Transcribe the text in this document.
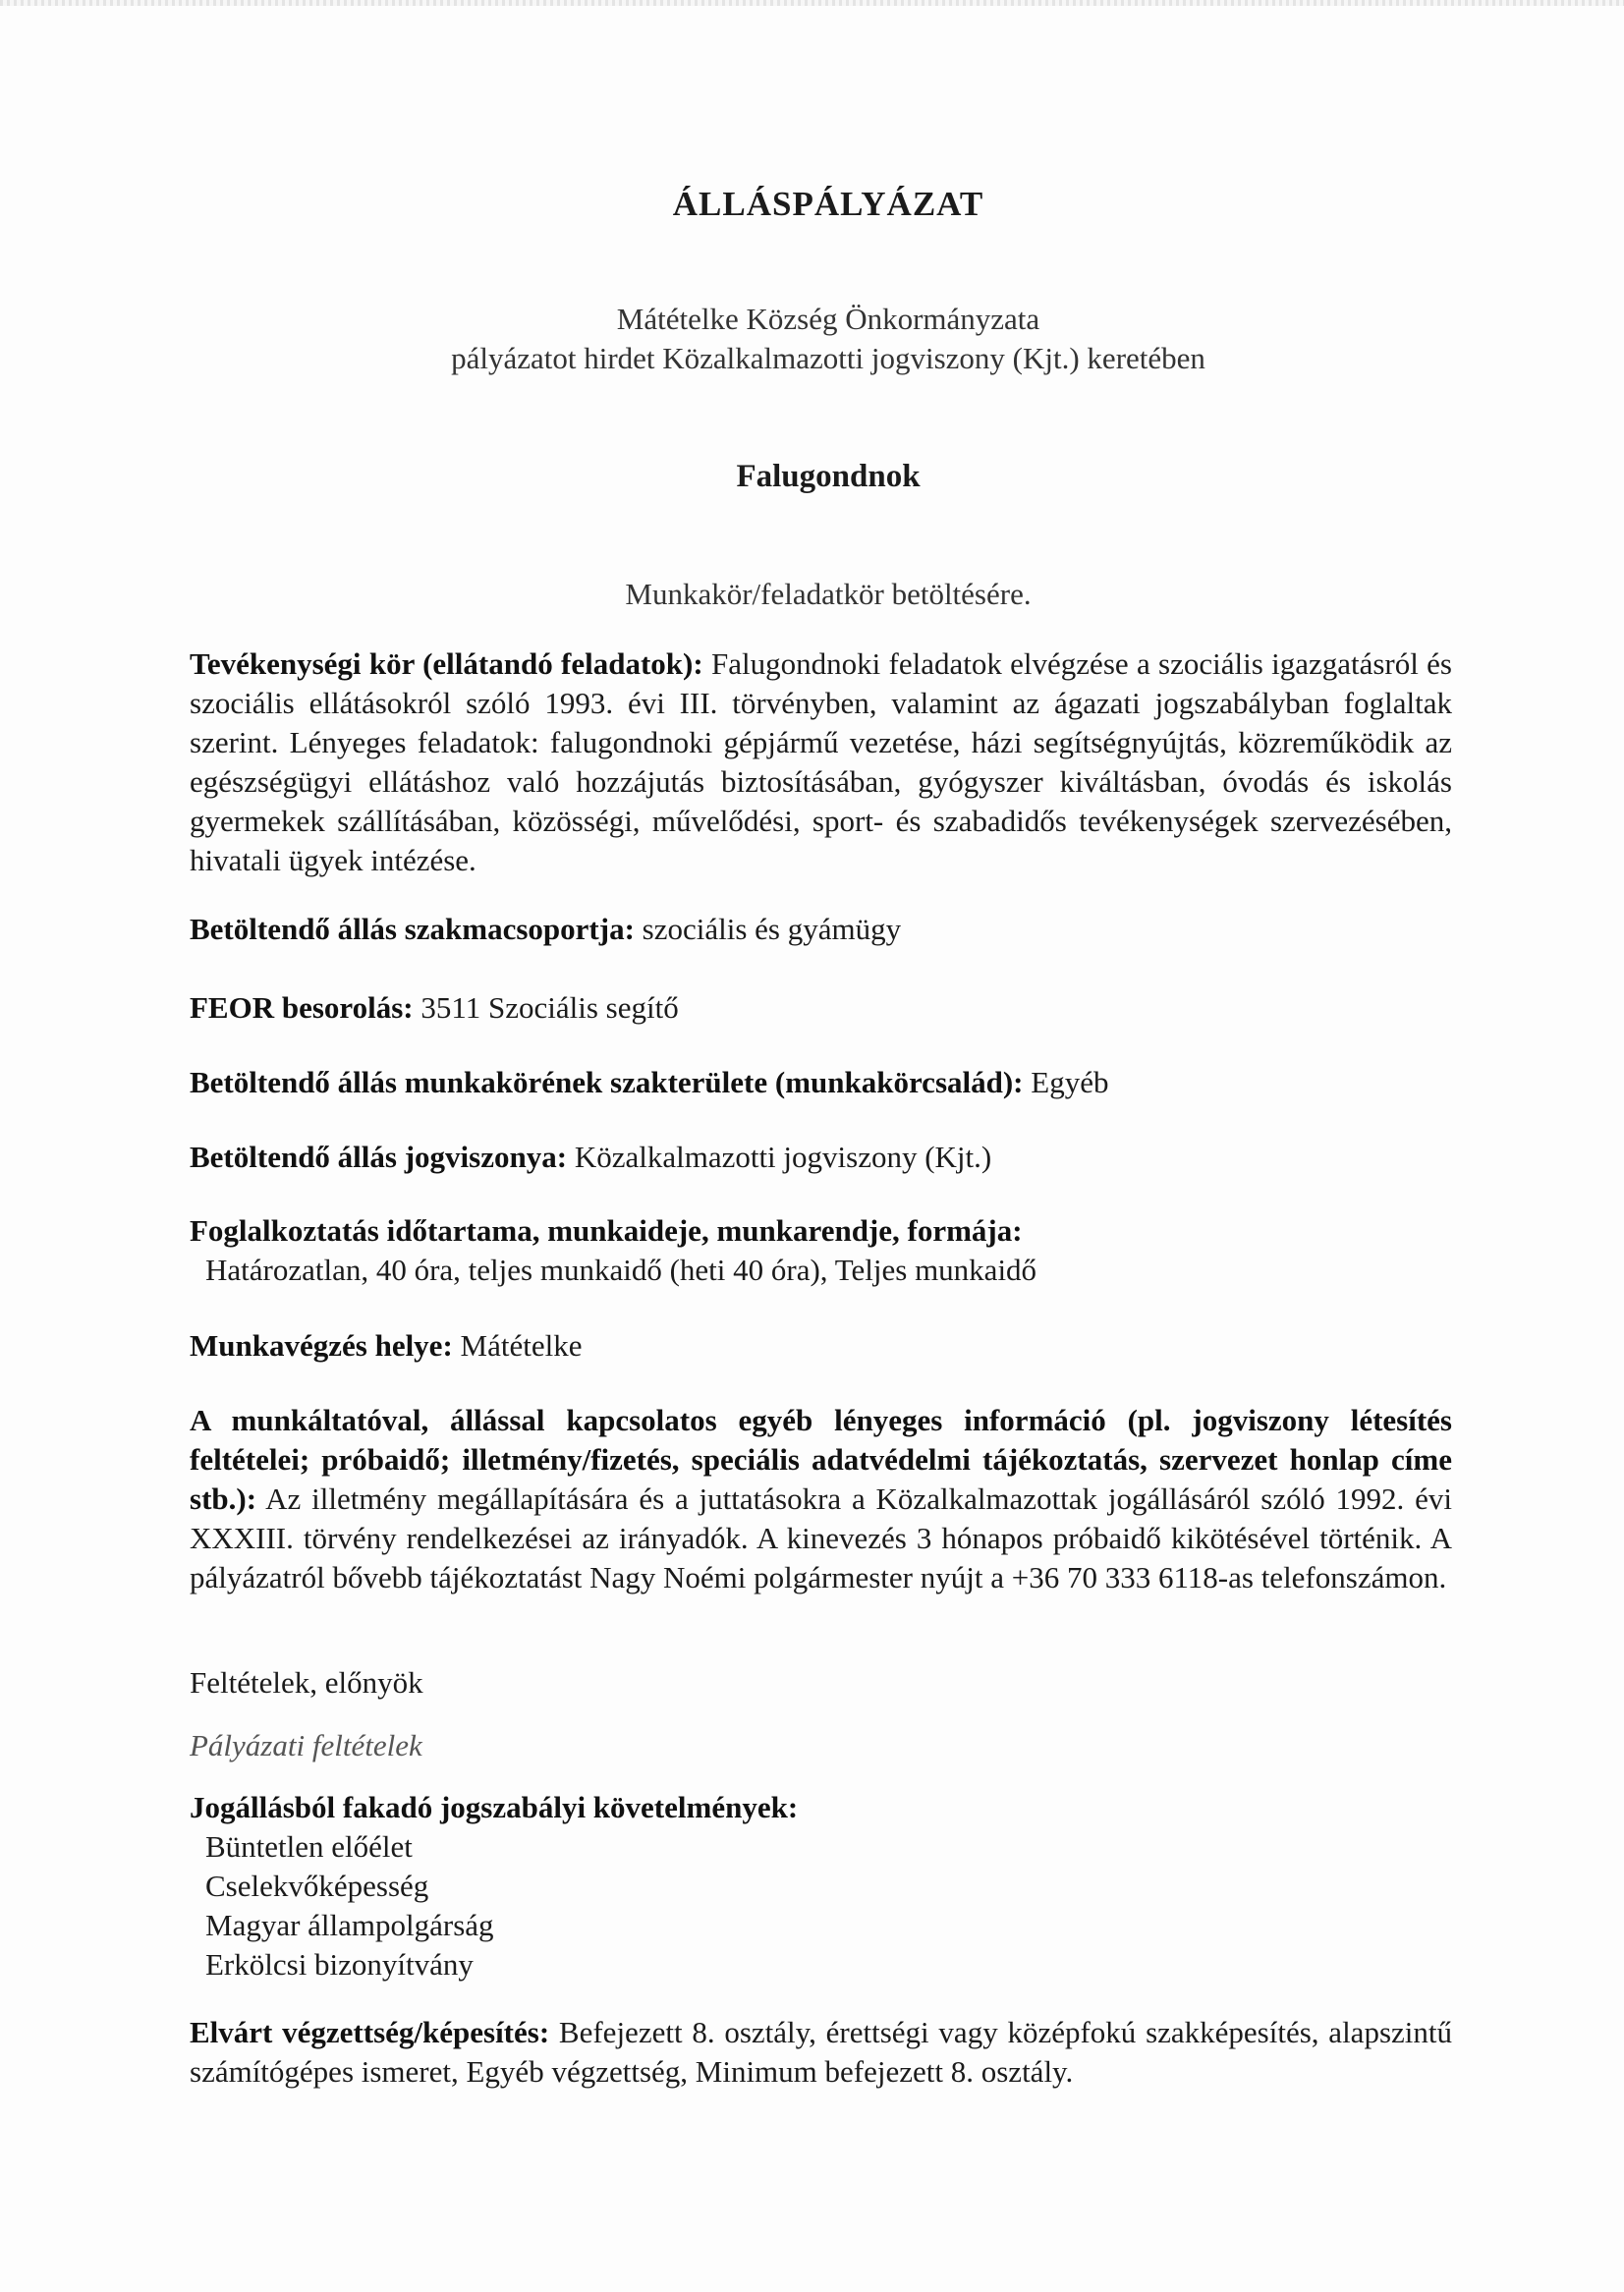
ÁLLÁSPÁLYÁZAT
Mátételke Község Önkormányzata
pályázatot hirdet Közalkalmazotti jogviszony (Kjt.) keretében
Falugondnok
Munkakör/feladatkör betöltésére.
Tevékenységi kör (ellátandó feladatok): Falugondnoki feladatok elvégzése a szociális igazgatásról és szociális ellátásokról szóló 1993. évi III. törvényben, valamint az ágazati jogszabályban foglaltak szerint. Lényeges feladatok: falugondnoki gépjármű vezetése, házi segítségnyújtás, közreműködik az egészségügyi ellátáshoz való hozzájutás biztosításában, gyógyszer kiváltásban, óvodás és iskolás gyermekek szállításában, közösségi, művelődési, sport- és szabadidős tevékenységek szervezésében, hivatali ügyek intézése.
Betöltendő állás szakmacsoportja: szociális és gyámügy
FEOR besorolás: 3511 Szociális segítő
Betöltendő állás munkakörének szakterülete (munkakörcsalád): Egyéb
Betöltendő állás jogviszonya: Közalkalmazotti jogviszony (Kjt.)
Foglalkoztatás időtartama, munkaideje, munkarendje, formája:
Határozatlan, 40 óra, teljes munkaidő (heti 40 óra), Teljes munkaidő
Munkavégzés helye: Mátételke
A munkáltatóval, állással kapcsolatos egyéb lényeges információ (pl. jogviszony létesítés feltételei; próbaidő; illetmény/fizetés, speciális adatvédelmi tájékoztatás, szervezet honlap címe stb.): Az illetmény megállapítására és a juttatásokra a Közalkalmazottak jogállásáról szóló 1992. évi XXXIII. törvény rendelkezései az irányadók. A kinevezés 3 hónapos próbaidő kikötésével történik. A pályázatról bővebb tájékoztatást Nagy Noémi polgármester nyújt a +36 70 333 6118-as telefonszámon.
Feltételek, előnyök
Pályázati feltételek
Jogállásból fakadó jogszabályi követelmények:
Büntetlen előélet
Cselekvőképesség
Magyar állampolgárság
Erkölcsi bizonyítvány
Elvárt végzettség/képesítés: Befejezett 8. osztály, érettségi vagy középfokú szakképesítés, alapszintű számítógépes ismeret, Egyéb végzettség, Minimum befejezett 8. osztály.
